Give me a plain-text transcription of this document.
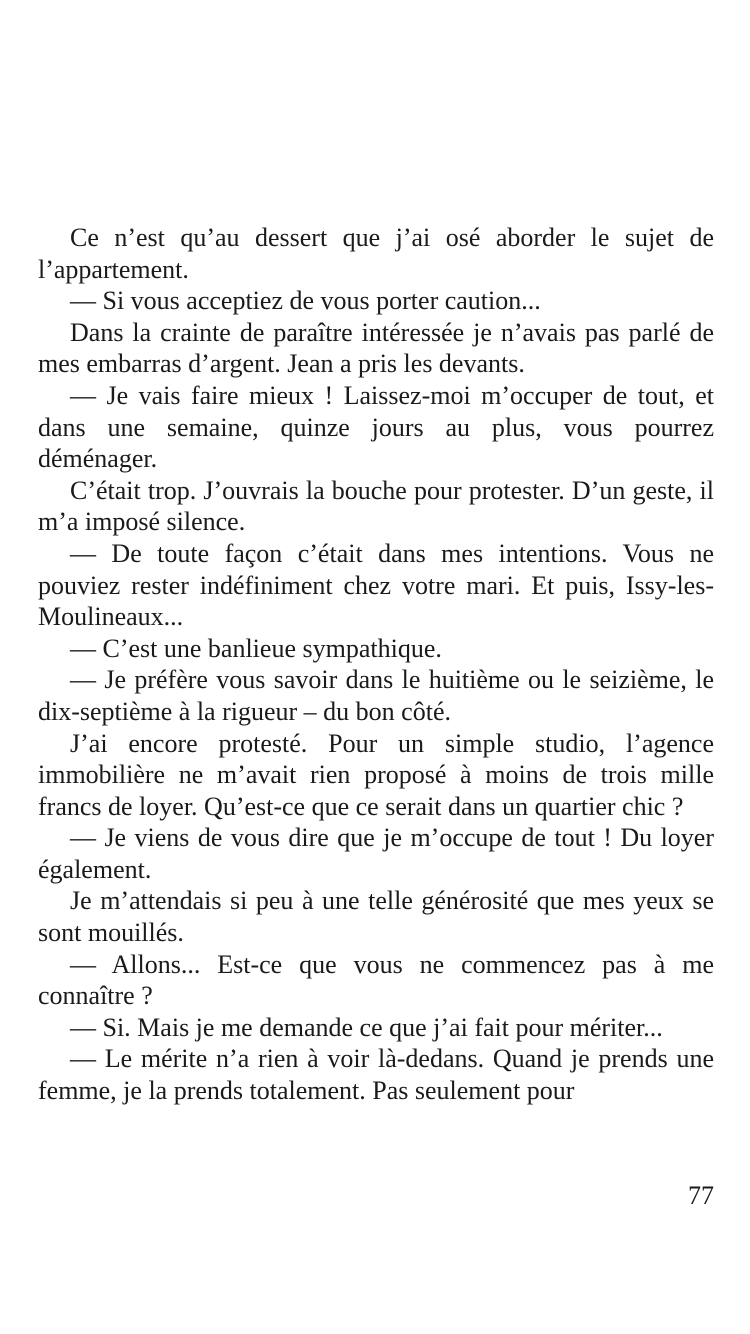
Ce n’est qu’au dessert que j’ai osé aborder le sujet de l’appartement.

— Si vous acceptiez de vous porter caution...

Dans la crainte de paraître intéressée je n’avais pas parlé de mes embarras d’argent. Jean a pris les devants.

— Je vais faire mieux ! Laissez-moi m’occuper de tout, et dans une semaine, quinze jours au plus, vous pourrez déménager.

C’était trop. J’ouvrais la bouche pour protester. D’un geste, il m’a imposé silence.

— De toute façon c’était dans mes intentions. Vous ne pouviez rester indéfiniment chez votre mari. Et puis, Issy-les-Moulineaux...

— C’est une banlieue sympathique.

— Je préfère vous savoir dans le huitième ou le seizième, le dix-septième à la rigueur – du bon côté.

J’ai encore protesté. Pour un simple studio, l’agence immobilière ne m’avait rien proposé à moins de trois mille francs de loyer. Qu’est-ce que ce serait dans un quartier chic ?

— Je viens de vous dire que je m’occupe de tout ! Du loyer également.

Je m’attendais si peu à une telle générosité que mes yeux se sont mouillés.

— Allons... Est-ce que vous ne commencez pas à me connaître ?

— Si. Mais je me demande ce que j’ai fait pour mériter...

— Le mérite n’a rien à voir là-dedans. Quand je prends une femme, je la prends totalement. Pas seulement pour

77
